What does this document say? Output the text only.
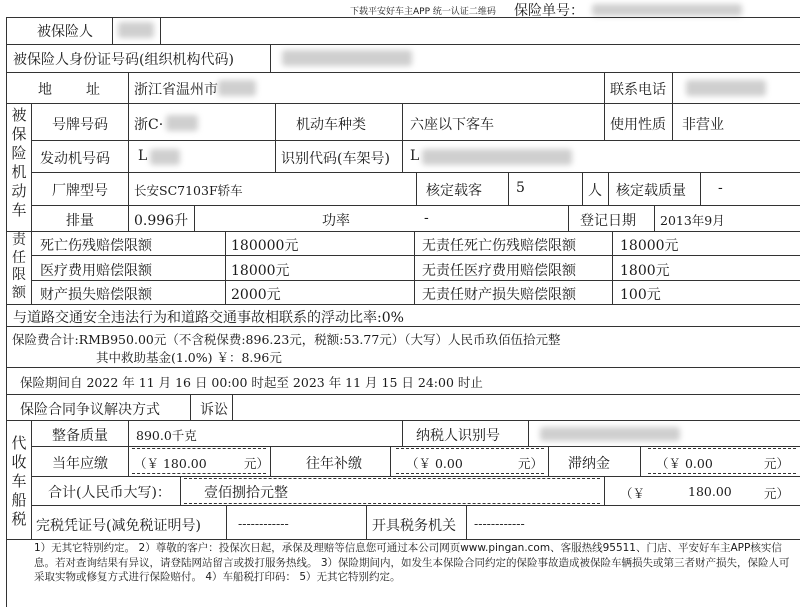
下载平安好车主APP 统一认证二维码 保险单号：
被保险人
被保险人身份证号码(组织机构代码)
地　址 浙江省温州市	联系电话
被保险机动车
号牌号码 浙C·	机动车种类	六座以下客车	使用性质 非营业
发动机号码 L	识别代码(车架号) L
厂牌型号 长安SC7103F轿车	核定载客 5	人 核定载质量 -
排量	0.996升	功率	-	登记日期 2013年9月
责任限额
死亡伤残赔偿限额	180000元	无责任死亡伤残赔偿限额	18000元
医疗费用赔偿限额	18000元	无责任医疗费用赔偿限额	1800元
财产损失赔偿限额	2000元	无责任财产损失赔偿限额	100元
与道路交通安全违法行为和道路交通事故相联系的浮动比率:0%
保险费合计:RMB950.00元（不含税保费:896.23元，税额:53.77元）（大写）人民币玖佰伍拾元整
其中救助基金(1.0%) ￥：8.96元
保险期间自 2022 年 11 月 16 日 00:00 时起至 2023 年 11 月 15 日 24:00 时止
保险合同争议解决方式	诉讼
代收车船税
整备质量 890.0千克	纳税人识别号
当年应缴 （￥ 180.00	元）	往年补缴	（￥ 0.00	元） 滞纳金	（￥ 0.00	元）
合计(人民币大写)： 壹佰捌拾元整	（￥	180.00	元）
完税凭证号(减免税证明号)	------------	开具税务机关 ------------
1）无其它特别约定。 2）尊敬的客户：投保次日起，承保及理赔等信息您可通过本公司网页www.pingan.com、客服热线95511、门店、平安好车主APP核实信息。若对查询结果有异议，请登陆网站留言或拨打服务热线。 3）保险期间内，如发生本保险合同约定的保险事故造成被保险车辆损失或第三者财产损失，保险人可采取实物或修复方式进行保险赔付。 4）车船税打印码： 5）无其它特别约定。
